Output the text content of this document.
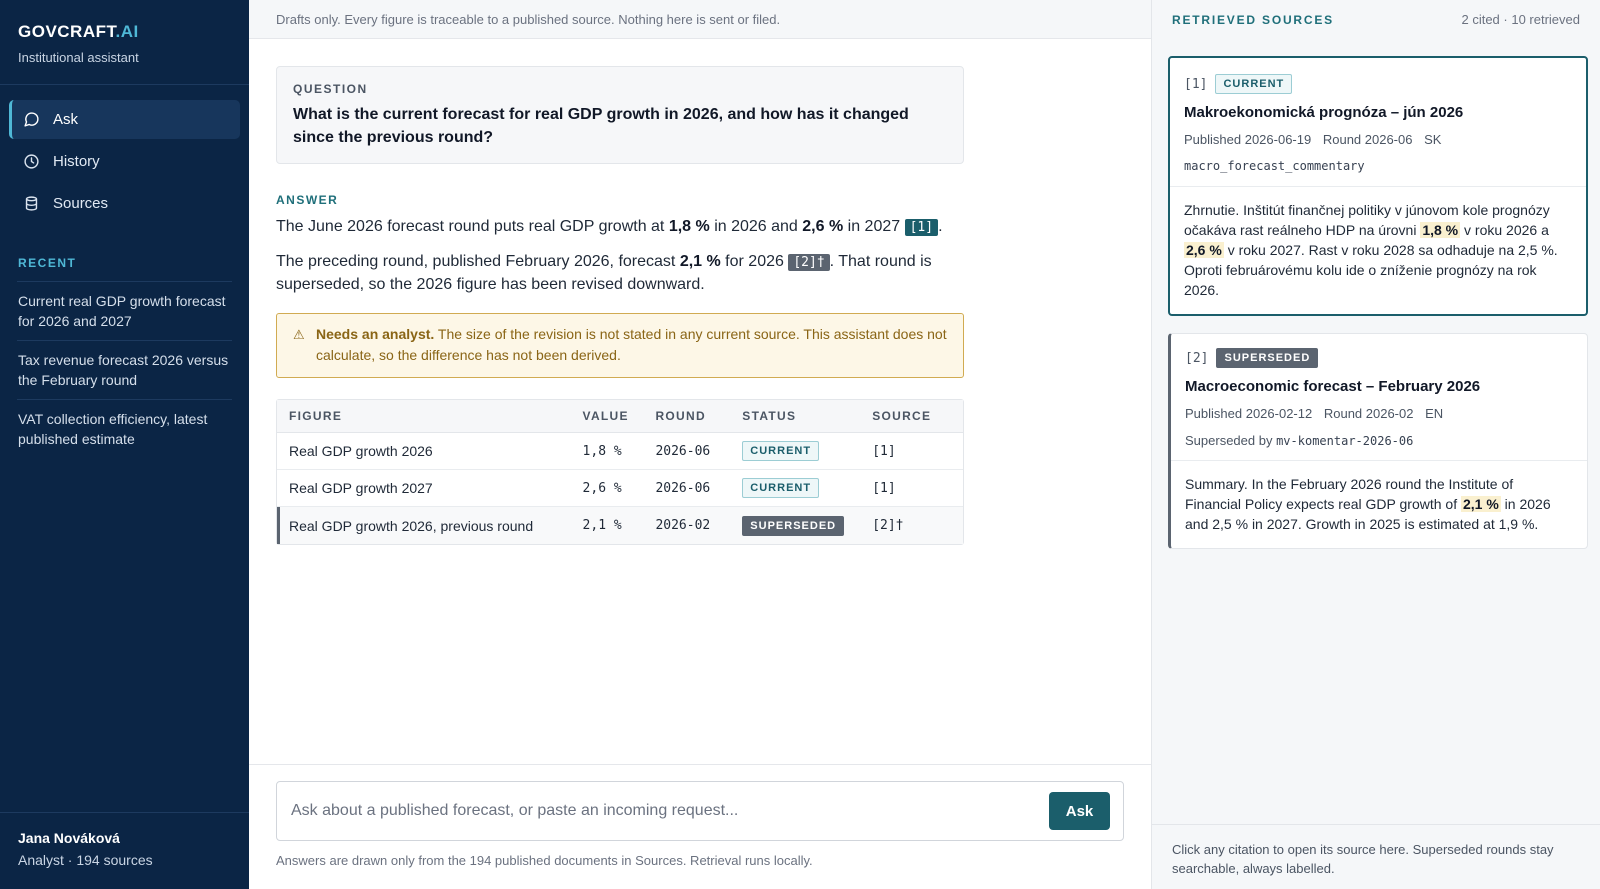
GOVCRAFT.AI
Institutional assistant
Ask
History
Sources
RECENT
Current real GDP growth forecast for 2026 and 2027
Tax revenue forecast 2026 versus the February round
VAT collection efficiency, latest published estimate
Jana Nováková
Analyst · 194 sources
Drafts only. Every figure is traceable to a published source. Nothing here is sent or filed.
QUESTION
What is the current forecast for real GDP growth in 2026, and how has it changed since the previous round?
ANSWER

The June 2026 forecast round puts real GDP growth at 1,8 % in 2026 and 2,6 % in 2027 [1] .

The preceding round, published February 2026, forecast 2,1 % for 2026 [2]† . That round is superseded, so the 2026 figure has been revised downward.

⚠ Needs an analyst. The size of the revision is not stated in any current source. This assistant does not calculate, so the difference has not been derived.
FIGURE	VALUE	ROUND	STATUS	SOURCE
Real GDP growth 2026	1,8 %	2026-06	CURRENT	[1]
Real GDP growth 2027	2,6 %	2026-06	CURRENT	[1]
Real GDP growth 2026, previous round	2,1 %	2026-02	SUPERSEDED	[2]†
Ask about a published forecast, or paste an incoming request...
Ask
Answers are drawn only from the 194 published documents in Sources. Retrieval runs locally.
RETRIEVED SOURCES	2 cited · 10 retrieved
[1]	CURRENT
Makroekonomická prognóza – jún 2026
Published 2026-06-19 Round 2026-06 SK
macro_forecast_commentary
Zhrnutie. Inštitút finančnej politiky v júnovom kole prognózy očakáva rast reálneho HDP na úrovni 1,8 % v roku 2026 a 2,6 % v roku 2027. Rast v roku 2028 sa odhaduje na 2,5 %. Oproti februárovému kolu ide o zníženie prognózy na rok 2026.
[2]	SUPERSEDED
Macroeconomic forecast – February 2026
Published 2026-02-12 Round 2026-02 EN
Superseded by mv-komentar-2026-06
Summary. In the February 2026 round the Institute of Financial Policy expects real GDP growth of 2,1 % in 2026 and 2,5 % in 2027. Growth in 2025 is estimated at 1,9 %.
Click any citation to open its source here. Superseded rounds stay searchable, always labelled.
